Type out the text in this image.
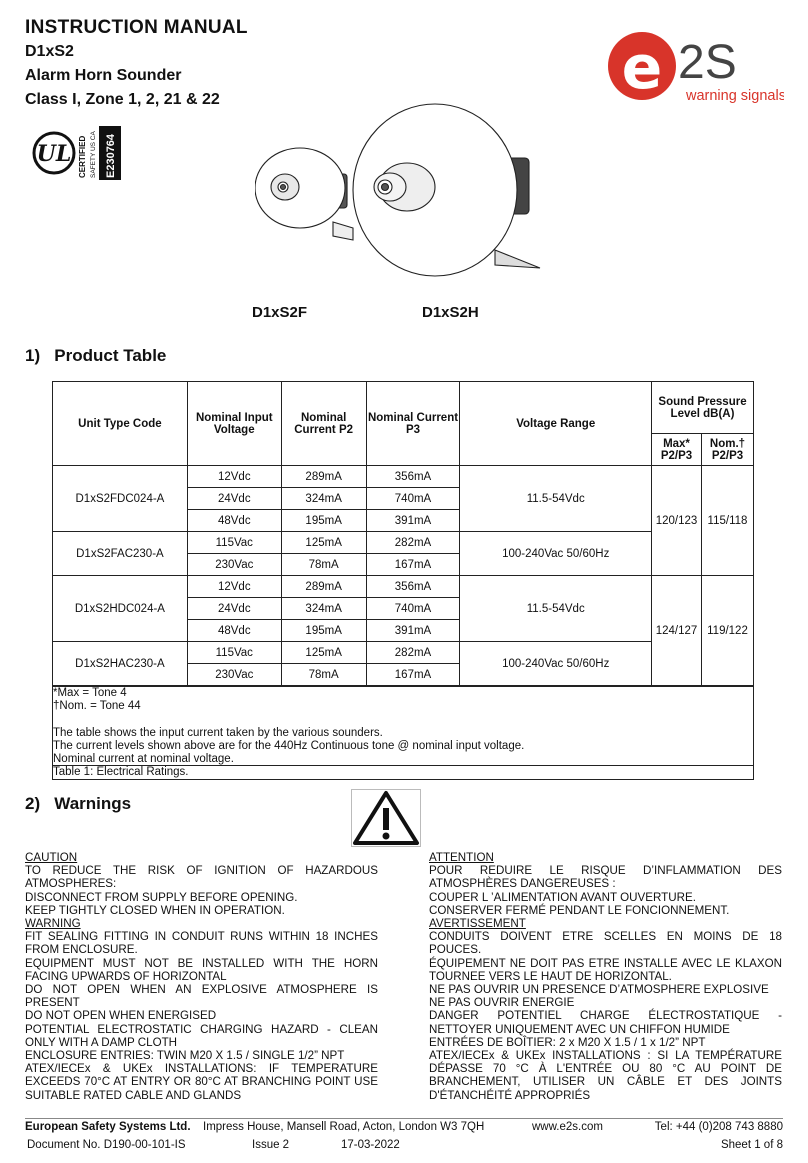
INSTRUCTION MANUAL
D1xS2
Alarm Horn Sounder
Class I, Zone 1, 2, 21 & 22	e 2S
warning signals
UL CERTIFIED SAFETY US CA E230764
D1xS2F	D1xS2H
1)   Product Table
Unit Type Code	Nominal Input Voltage	Nominal Current P2	Nominal Current P3	Voltage Range	Sound Pressure Level dB(A)	
					Max* P2/P3	Nom.† P2/P3
D1xS2FDC024-A	12Vdc	289mA	356mA	11.5-54Vdc	120/123	115/118
	24Vdc	324mA	740mA			
	48Vdc	195mA	391mA			
D1xS2FAC230-A	115Vac	125mA	282mA	100-240Vac 50/60Hz		
	230Vac	78mA	167mA			
D1xS2HDC024-A	12Vdc	289mA	356mA	11.5-54Vdc	124/127	119/122
	24Vdc	324mA	740mA			
	48Vdc	195mA	391mA			
D1xS2HAC230-A	115Vac	125mA	282mA	100-240Vac 50/60Hz		
	230Vac	78mA	167mA			
*Max = Tone 4
†Nom. = Tone 44
The table shows the input current taken by the various sounders.
The current levels shown above are for the 440Hz Continuous tone @ nominal input voltage.
Nominal current at nominal voltage.
Table 1: Electrical Ratings.
2)   Warnings
CAUTION
TO REDUCE THE RISK OF IGNITION OF HAZARDOUS ATMOSPHERES:
DISCONNECT FROM SUPPLY BEFORE OPENING.
KEEP TIGHTLY CLOSED WHEN IN OPERATION.
WARNING
FIT SEALING FITTING IN CONDUIT RUNS WITHIN 18 INCHES FROM ENCLOSURE.
EQUIPMENT MUST NOT BE INSTALLED WITH THE HORN FACING UPWARDS OF HORIZONTAL
DO NOT OPEN WHEN AN EXPLOSIVE ATMOSPHERE IS PRESENT
DO NOT OPEN WHEN ENERGISED
POTENTIAL ELECTROSTATIC CHARGING HAZARD - CLEAN ONLY WITH A DAMP CLOTH
ENCLOSURE ENTRIES: TWIN M20 X 1.5 / SINGLE 1/2” NPT
ATEX/IECEx & UKEx INSTALLATIONS: IF TEMPERATURE EXCEEDS 70°C AT ENTRY OR 80°C AT BRANCHING POINT USE SUITABLE RATED CABLE AND GLANDS
ATTENTION
POUR REDUIRE LE RISQUE D’INFLAMMATION DES ATMOSPHÈRES DANGEREUSES :
COUPER L ’ALIMENTATION AVANT OUVERTURE.
CONSERVER FERMÉ PENDANT LE FONCIONNEMENT.
AVERTISSEMENT
CONDUITS DOIVENT ETRE SCELLES EN MOINS DE 18 POUCES.
ÉQUIPEMENT NE DOIT PAS ETRE INSTALLE AVEC LE KLAXON TOURNEE VERS LE HAUT DE HORIZONTAL.
NE PAS OUVRIR UN PRESENCE D’ATMOSPHERE EXPLOSIVE
NE PAS OUVRIR ENERGIE
DANGER POTENTIEL CHARGE ÉLECTROSTATIQUE - NETTOYER UNIQUEMENT AVEC UN CHIFFON HUMIDE
ENTRÉES DE BOÎTIER: 2 x M20 X 1.5 / 1 x 1/2” NPT
ATEX/IECEx & UKEx INSTALLATIONS : SI LA TEMPÉRATURE DÉPASSE 70 °C À L'ENTRÉE OU 80 °C AU POINT DE BRANCHEMENT, UTILISER UN CÂBLE ET DES JOINTS D'ÉTANCHÉITÉ APPROPRIÉS
European Safety Systems Ltd. Impress House, Mansell Road, Acton, London W3 7QH	www.e2s.com	Tel: +44 (0)208 743 8880
Document No. D190-00-101-IS	Issue 2	17-03-2022	Sheet 1 of 8
